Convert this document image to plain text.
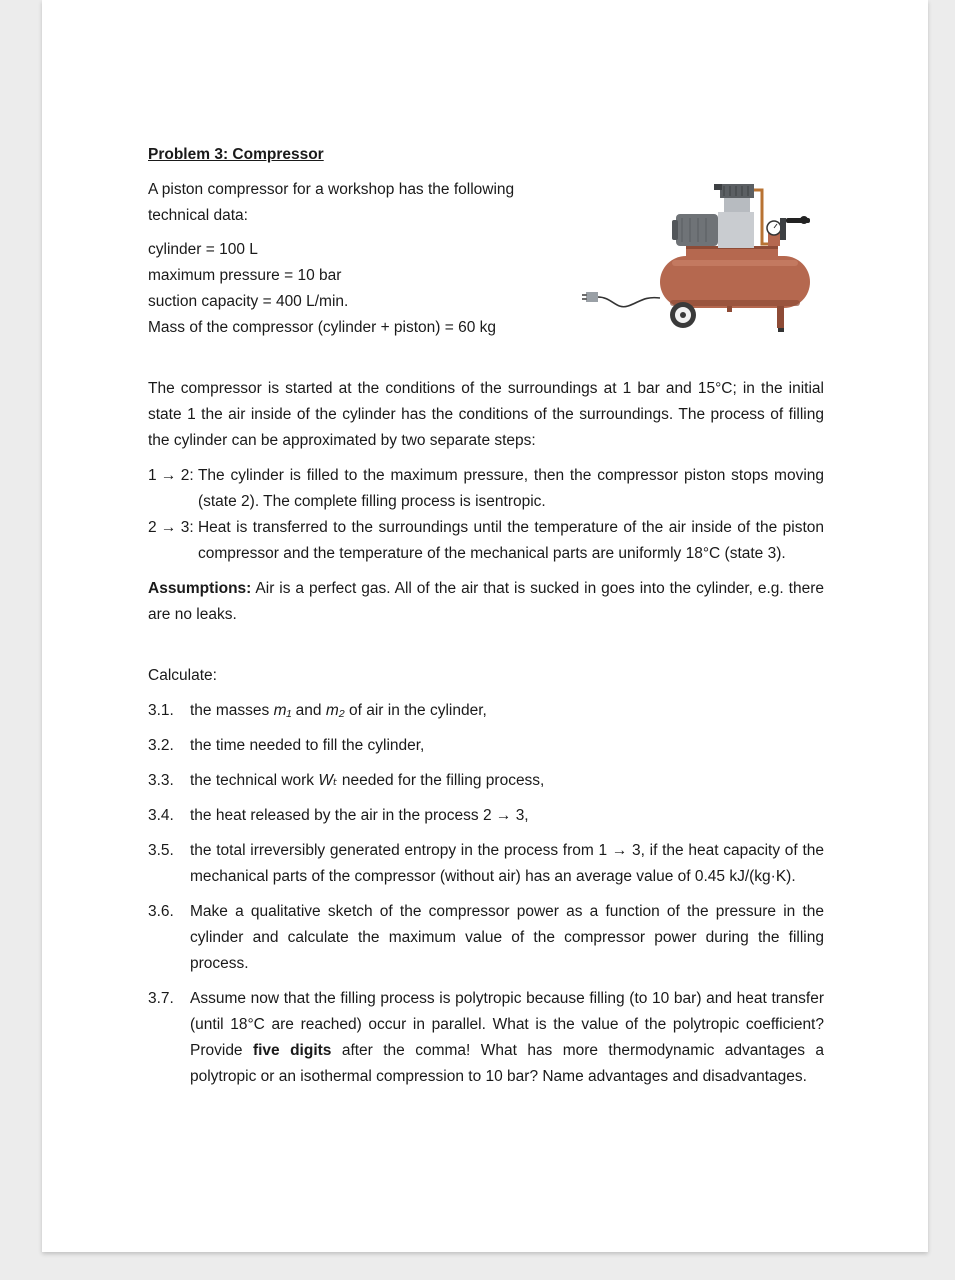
Problem 3: Compressor

A piston compressor for a workshop has the following technical data:

cylinder = 100 L

maximum pressure = 10 bar

suction capacity = 400 L/min.

Mass of the compressor (cylinder + piston) = 60 kg

The compressor is started at the conditions of the surroundings at 1 bar and 15°C; in the initial state 1 the air inside of the cylinder has the conditions of the surroundings. The process of filling the cylinder can be approximated by two separate steps:

1 → 2: The cylinder is filled to the maximum pressure, then the compressor piston stops moving (state 2). The complete filling process is isentropic.
2 → 3: Heat is transferred to the surroundings until the temperature of the air inside of the piston compressor and the temperature of the mechanical parts are uniformly 18°C (state 3).

Assumptions: Air is a perfect gas. All of the air that is sucked in goes into the cylinder, e.g. there are no leaks.

Calculate:

3.1.	the masses m₁ and m₂ of air in the cylinder,
3.2.	the time needed to fill the cylinder,
3.3.	the technical work Wₜ needed for the filling process,
3.4.	the heat released by the air in the process 2 → 3,
3.5.	the total irreversibly generated entropy in the process from 1 → 3, if the heat capacity of the mechanical parts of the compressor (without air) has an average value of 0.45 kJ/(kg·K).
3.6.	Make a qualitative sketch of the compressor power as a function of the pressure in the cylinder and calculate the maximum value of the compressor power during the filling process.
3.7.	Assume now that the filling process is polytropic because filling (to 10 bar) and heat transfer (until 18°C are reached) occur in parallel. What is the value of the polytropic coefficient? Provide five digits after the comma! What has more thermodynamic advantages a polytropic or an isothermal compression to 10 bar? Name advantages and disadvantages.
